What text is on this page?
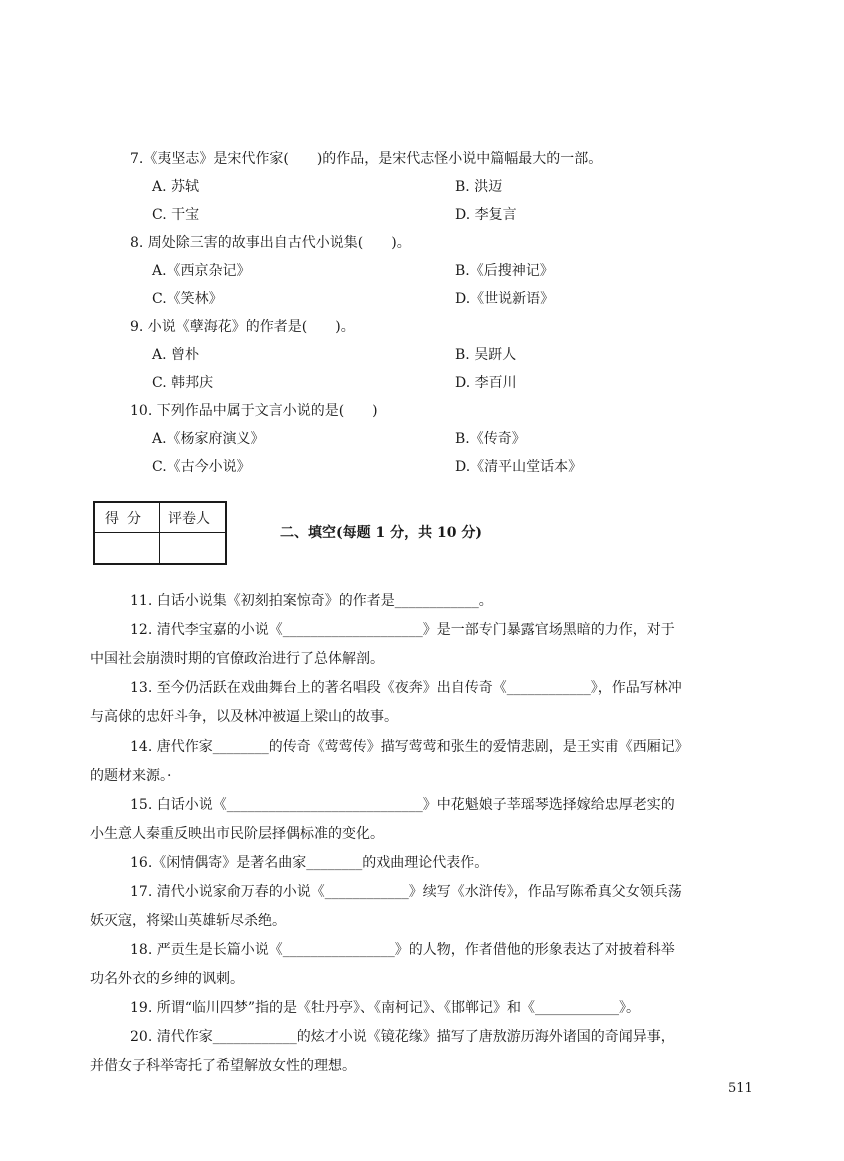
7.《夷坚志》是宋代作家(　　)的作品，是宋代志怪小说中篇幅最大的一部。
A. 苏轼	B. 洪迈
C. 干宝	D. 李复言
8. 周处除三害的故事出自古代小说集(　　)。
A.《西京杂记》	B.《后搜神记》
C.《笑林》	D.《世说新语》
9. 小说《孽海花》的作者是(　　)。
A. 曾朴	B. 吴趼人
C. 韩邦庆	D. 李百川
10. 下列作品中属于文言小说的是(　　)
A.《杨家府演义》	B.《传奇》
C.《古今小说》	D.《清平山堂话本》
得分 评卷人
二、填空(每题 1 分，共 10 分)
11. 白话小说集《初刻拍案惊奇》的作者是____________。
12. 清代李宝嘉的小说《____________________》是一部专门暴露官场黑暗的力作，对于
中国社会崩溃时期的官僚政治进行了总体解剖。
13. 至今仍活跃在戏曲舞台上的著名唱段《夜奔》出自传奇《____________》，作品写林冲
与高俅的忠奸斗争，以及林冲被逼上梁山的故事。
14. 唐代作家________的传奇《莺莺传》描写莺莺和张生的爱情悲剧，是王实甫《西厢记》
的题材来源。·
15. 白话小说《____________________________》中花魁娘子莘瑶琴选择嫁给忠厚老实的
小生意人秦重反映出市民阶层择偶标准的变化。
16.《闲情偶寄》是著名曲家________的戏曲理论代表作。
17. 清代小说家俞万春的小说《____________》续写《水浒传》，作品写陈希真父女领兵荡
妖灭寇，将梁山英雄斩尽杀绝。
18. 严贡生是长篇小说《________________》的人物，作者借他的形象表达了对披着科举
功名外衣的乡绅的讽刺。
19. 所谓“临川四梦”指的是《牡丹亭》、《南柯记》、《邯郸记》和《____________》。
20. 清代作家____________的炫才小说《镜花缘》描写了唐敖游历海外诸国的奇闻异事，
并借女子科举寄托了希望解放女性的理想。
511
